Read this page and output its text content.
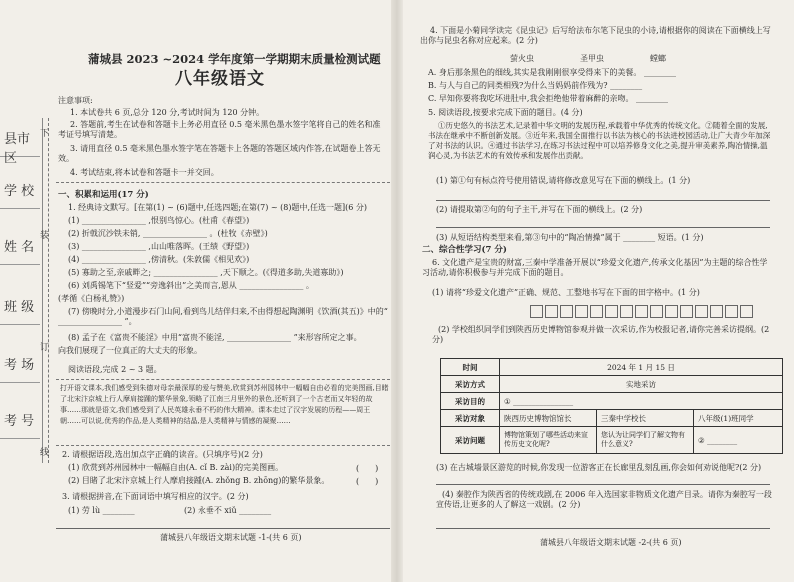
县市区
学 校
姓 名
班 级
考 场
考 号
下
装
订
线
蒲城县 2023 ~2024 学年度第一学期期末质量检测试题
八年级语文
注意事项:
1. 本试卷共 6 页,总分 120 分,考试时间为 120 分钟。
2. 答题前,考生在试卷和答题卡上务必用直径 0.5 毫米黑色墨水签字笔将自己的姓名和准考证号填写清楚。
3. 请用直径 0.5 毫米黑色墨水签字笔在答题卡上各题的答题区域内作答,在试题卷上答无效。
4. 考试结束,将本试卷和答题卡一并交回。
一、积累和运用(17 分)
1. 经典诗文默写。[在第(1) ~ (6)题中,任选四题;在第(7) ~ (8)题中,任选一题](6 分)
(1) ________________ ,恨别鸟惊心。(杜甫《春望》)
(2) 折戟沉沙铁未销, ________________ 。(杜牧《赤壁》)
(3) ________________ ,山山唯落晖。(王绩《野望》)
(4) ________________ ,傍清秋。(朱敦儒《相见欢》)
(5) 寡助之至,亲戚畔之; ________________ ,天下顺之。(《得道多助,失道寡助》)
(6) 刘禹锡笔下“竖爱”“旁逸斜出”之美而言,恩从 ________________ 。
(孝循《白杨礼赞》)
(7) 傍晚时分,小道漫步石门山间,看到鸟儿结伴归来,不由得想起陶渊明《饮酒(其五)》中的“ ________________ ”。
(8) 孟子在《富贵不能淫》中用“富贵不能淫, ________________ ”来形容所定之事。
向我们展现了一位真正的大丈夫的形象。
阅读语段,完成 2 ~ 3 题。
打开语文课本,我们感受到朱德对母亲最深厚的爱与赞美,欣赏到苏州园林中一幅幅自由必看的完美图画,目睹了北宋汴京城上行人摩肩接踵的繁华景象,领略了江南三月里外的景色,还听到了一个古老而又年轻的故事……那就是语文,我们感受到了人民英雄永垂不朽的伟大精神。课本走过了汉字发展的历程——周王朝……可以说,优秀的作品,是人类精神的结晶,是人类精神与情感的凝聚……
2. 请根据语段,选出加点字正确的读音。(只填序号)(2 分)
(1) 欣赏到苏州园林中一幅幅自由(A. cǐ B. zài)的完美图画。	(　　)
(2) 目睹了北宋汴京城上行人摩肩接踵(A. zhǒng B. zhōng)的繁华景象。	(　　)
3. 请根据拼音,在下面词语中填写相应的汉字。(2 分)
(1) 劳 lù ________	(2) 永垂不 xiǔ ________
蒲城县八年级语文期末试题 -1-(共 6 页)
4. 下面是小菊同学读完《昆虫记》后写给法布尔笔下昆虫的小诗,请根据你的阅读在下面横线上写出你与昆虫名称对应起来。(2 分)
萤火虫	圣甲虫	螳螂
A. 身后那条黑色的细线,其实是我刚刚很享受得来下的美餐。 ________
B. 与人与自己的同类相残?为什么当妈妈前作残为? ________
C. 早知你要将我吃坏进肚中,我会拒绝他带着麻醉的亲吻。 ________
5. 阅读语段,按要求完成下面的题目。(4 分)
①历史悠久的书法艺术,记录着中华文明的发展历程,承载着中华优秀的传统文化。②随着全面的发展,书法在继承中不断创新发展。③近年来,我国全面推行以书法为核心的书法进校园活动,让广大青少年加深了对书法的认识。④通过书法学习,在练习书法过程中可以培养修身文化之美,提升审美素养,陶冶情操,温润心灵,为书法艺术的有效传承和发展作出贡献。
(1) 第①句有标点符号使用错误,请将修改意见写在下面的横线上。(1 分)
(2) 请提取第②句的句子主干,并写在下面的横线上。(2 分)
(3) 从短语结构类型来看,第③句中的“陶冶情操”属于 ________ 短语。(1 分)
二、综合性学习(7 分)
6. 文化遗产是宝贵的财富,三秦中学准备开展以“珍爱文化遗产,传承文化基因”为主题的综合性学习活动,请你积极参与并完成下面的题目。
(1) 请将“珍爱文化遗产”正确、规范、工整地书写在下面的田字格中。(1 分)
(2) 学校组织同学们到陕西历史博物馆参观并做一次采访,作为校报记者,请你完善采访提纲。(2 分)
时间	2024 年 1 月 15 日		
采访方式	实地采访		
采访目的	① ________________		
采访对象	陕西历史博物馆馆长	三秦中学校长	八年级(1)班同学
采访问题	博物馆策划了哪些活动来宣传历史文化呢?	您认为让同学们了解文物有什么意义?	② ________
(3) 在古城墙景区游览的时候,你发现一位游客正在长廊里乱刻乱画,你会如何劝说他呢?(2 分)
(4) 秦腔作为陕西省的传统戏剧,在 2006 年入选国家非物质文化遗产目录。请你为秦腔写一段宣传语,让更多的人了解这一戏剧。(2 分)
蒲城县八年级语文期末试题 -2-(共 6 页)
